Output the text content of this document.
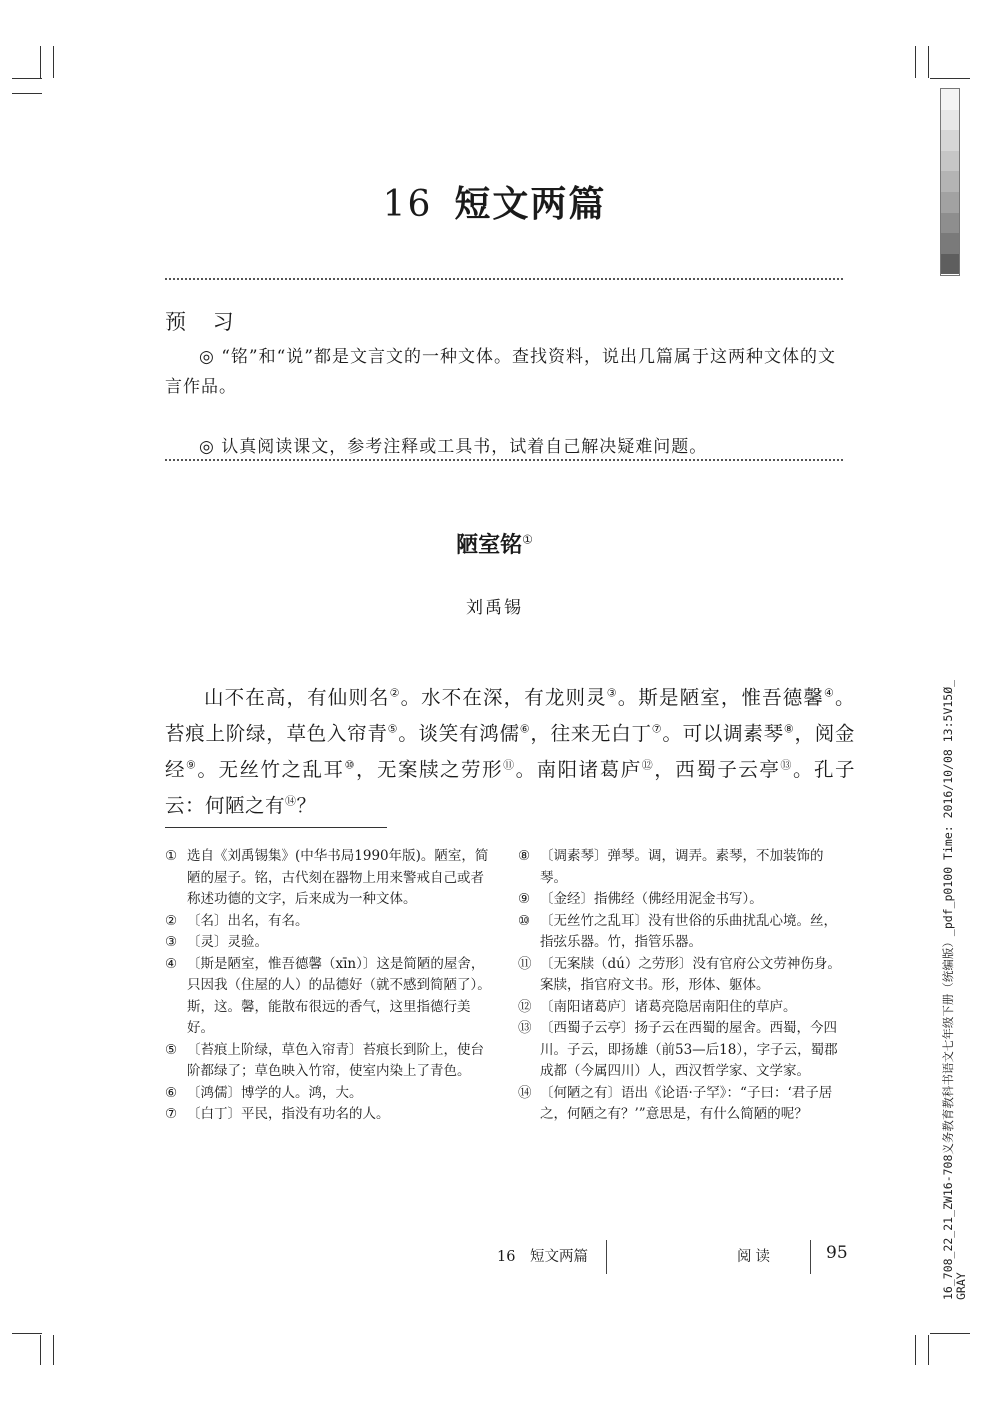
16 短文两篇
预 习
◎ “铭”和“说”都是文言文的一种文体。查找资料，说出几篇属于这两种文体的文言作品。
◎ 认真阅读课文，参考注释或工具书，试着自己解决疑难问题。
陋室铭①
刘禹锡
山不在高，有仙则名②。水不在深，有龙则灵③。斯是陋室，惟吾德馨④。苔痕上阶绿，草色入帘青⑤。谈笑有鸿儒⑥，往来无白丁⑦。可以调素琴⑧，阅金经⑨。无丝竹之乱耳⑩，无案牍之劳形⑪。南阳诸葛庐⑫，西蜀子云亭⑬。孔子云：何陋之有⑭？
① 选自《刘禹锡集》(中华书局1990年版)。陋室，简陋的屋子。铭，古代刻在器物上用来警戒自己或者称述功德的文字，后来成为一种文体。
② 〔名〕出名，有名。
③ 〔灵〕灵验。
④ 〔斯是陋室，惟吾德馨（xīn）〕这是简陋的屋舍，只因我（住屋的人）的品德好（就不感到简陋了）。斯，这。馨，能散布很远的香气，这里指德行美好。
⑤ 〔苔痕上阶绿，草色入帘青〕苔痕长到阶上，使台阶都绿了；草色映入竹帘，使室内染上了青色。
⑥ 〔鸿儒〕博学的人。鸿，大。
⑦ 〔白丁〕平民，指没有功名的人。
⑧ 〔调素琴〕弹琴。调，调弄。素琴，不加装饰的琴。
⑨ 〔金经〕指佛经（佛经用泥金书写）。
⑩ 〔无丝竹之乱耳〕没有世俗的乐曲扰乱心境。丝，指弦乐器。竹，指管乐器。
⑪ 〔无案牍（dú）之劳形〕没有官府公文劳神伤身。案牍，指官府文书。形，形体、躯体。
⑫ 〔南阳诸葛庐〕诸葛亮隐居南阳住的草庐。
⑬ 〔西蜀子云亭〕扬子云在西蜀的屋舍。西蜀，今四川。子云，即扬雄（前53—后18），字子云，蜀郡成都（今属四川）人，西汉哲学家、文学家。
⑭ 〔何陋之有〕语出《论语·子罕》：“子曰：‘君子居之，何陋之有？’”意思是，有什么简陋的呢？
16　短文两篇	阅读	95	16_708_22_21_ZW16-708义务教育教科书语文七年级下册（统编版）_pdf_p0100 Time: 2016/10/08 13:5V15Ø_ GRAY
